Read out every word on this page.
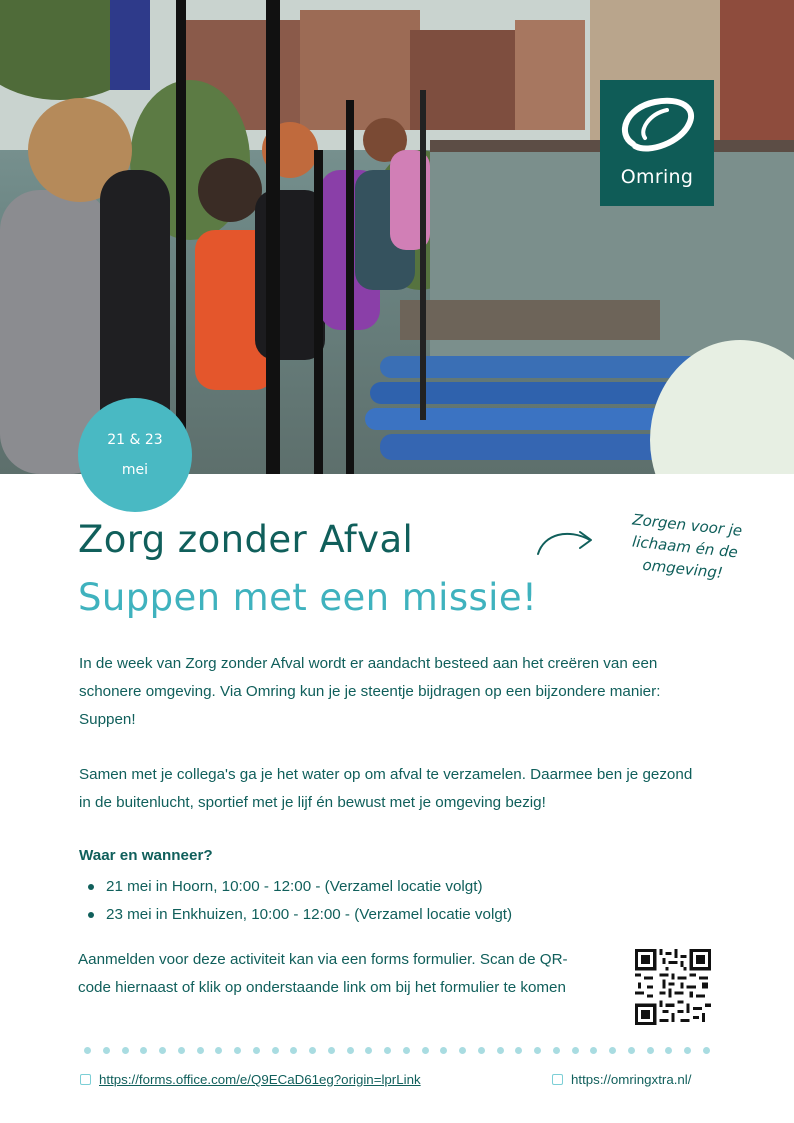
Omring
21 & 23
mei
Zorg zonder Afval
Suppen met een missie!
Zorgen voor je
lichaam én de
omgeving!

In de week van Zorg zonder Afval wordt er aandacht besteed aan het creëren van een schonere omgeving. Via Omring kun je je steentje bijdragen op een bijzondere manier: Suppen!

Samen met je collega's ga je het water op om afval te verzamelen. Daarmee ben je gezond in de buitenlucht, sportief met je lijf én bewust met je omgeving bezig!

Waar en wanneer?
21 mei in Hoorn, 10:00 - 12:00 - (Verzamel locatie volgt)
23 mei in Enkhuizen, 10:00 - 12:00 - (Verzamel locatie volgt)

Aanmelden voor deze activiteit kan via een forms formulier. Scan de QR-code hiernaast of klik op onderstaande link om bij het formulier te komen

https://forms.office.com/e/Q9ECaD61eg?origin=lprLink	https://omringxtra.nl/
